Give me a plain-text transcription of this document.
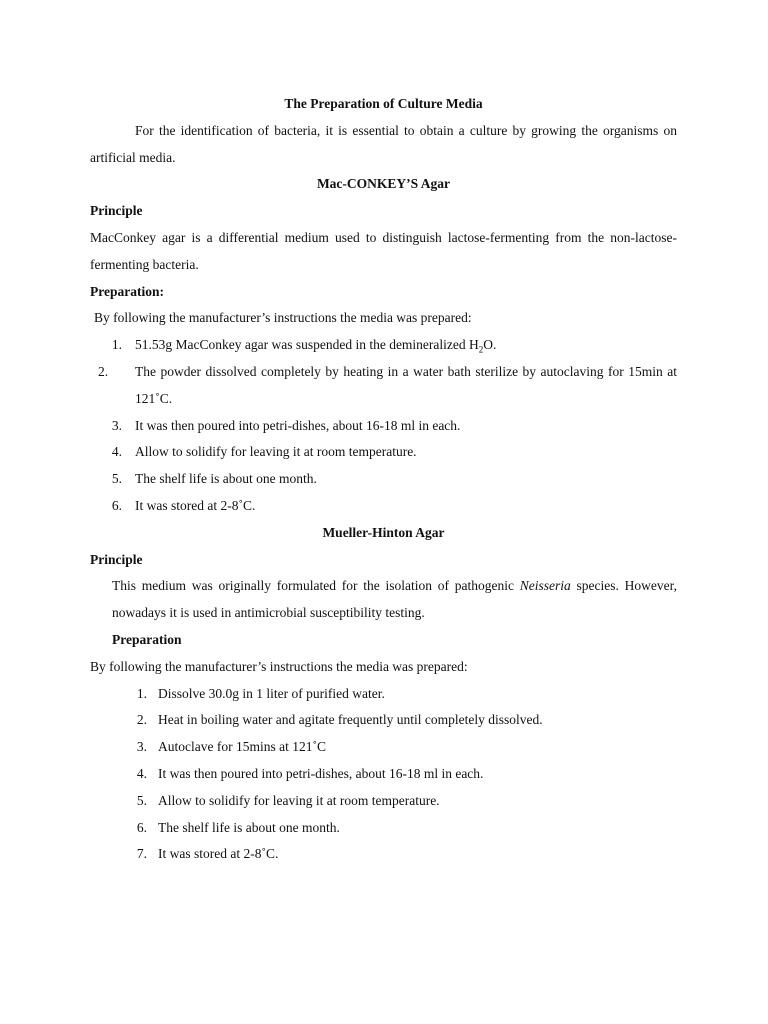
The Preparation of Culture Media

For the identification of bacteria, it is essential to obtain a culture by growing the organisms on artificial media.

Mac-CONKEY’S Agar
Principle

MacConkey agar is a differential medium used to distinguish lactose-fermenting from the non-lactose-fermenting bacteria.

Preparation:
By following the manufacturer’s instructions the media was prepared:
1. 51.53g MacConkey agar was suspended in the demineralized $H_2O$.
2.	The powder dissolved completely by heating in a water bath sterilize by autoclaving for 15min at 121˚C.
3. It was then poured into petri-dishes, about 16-18 ml in each.
4. Allow to solidify for leaving it at room temperature.
5. The shelf life is about one month.
6. It was stored at 2-8˚C.
Mueller-Hinton Agar
Principle

This medium was originally formulated for the isolation of pathogenic Neisseria species. However, nowadays it is used in antimicrobial susceptibility testing.

Preparation
By following the manufacturer’s instructions the media was prepared:
1. Dissolve 30.0g in 1 liter of purified water.
2. Heat in boiling water and agitate frequently until completely dissolved.
3. Autoclave for 15mins at 121˚C
4. It was then poured into petri-dishes, about 16-18 ml in each.
5. Allow to solidify for leaving it at room temperature.
6. The shelf life is about one month.
7. It was stored at 2-8˚C.
